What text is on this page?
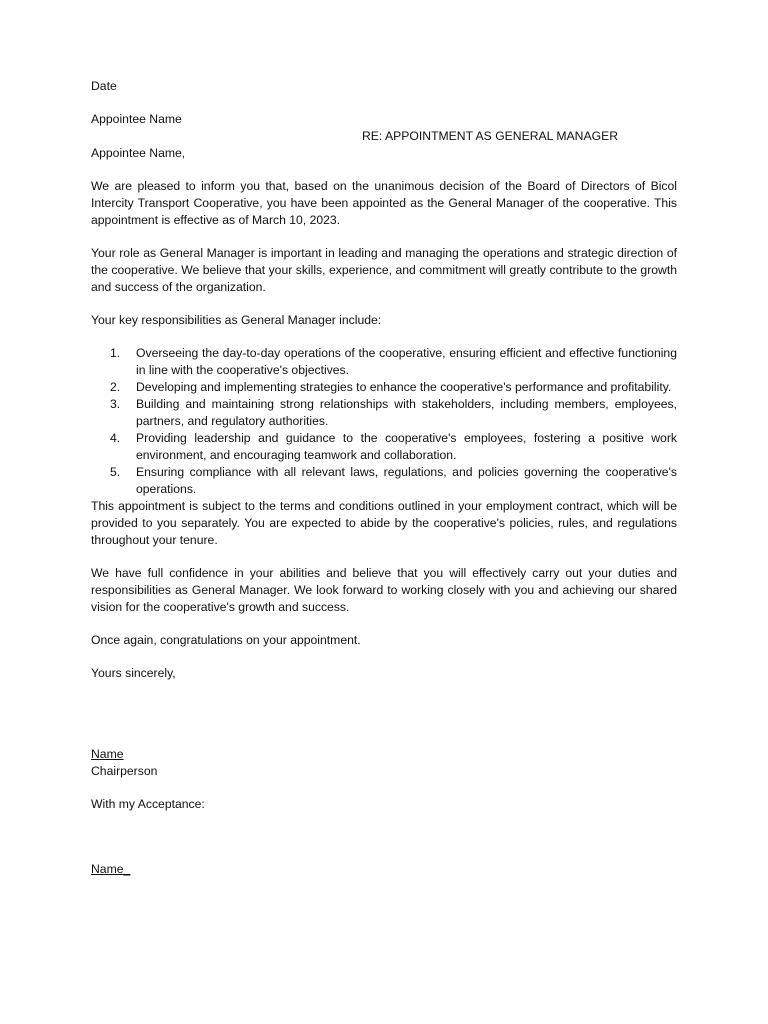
Date

Appointee Name

RE: APPOINTMENT AS GENERAL MANAGER

Appointee Name,

We are pleased to inform you that, based on the unanimous decision of the Board of Directors of Bicol Intercity Transport Cooperative, you have been appointed as the General Manager of the cooperative. This appointment is effective as of March 10, 2023.

Your role as General Manager is important in leading and managing the operations and strategic direction of the cooperative. We believe that your skills, experience, and commitment will greatly contribute to the growth and success of the organization.

Your key responsibilities as General Manager include:

1. Overseeing the day-to-day operations of the cooperative, ensuring efficient and effective functioning in line with the cooperative's objectives.
2. Developing and implementing strategies to enhance the cooperative's performance and profitability.
3. Building and maintaining strong relationships with stakeholders, including members, employees, partners, and regulatory authorities.
4. Providing leadership and guidance to the cooperative's employees, fostering a positive work environment, and encouraging teamwork and collaboration.
5. Ensuring compliance with all relevant laws, regulations, and policies governing the cooperative's operations.

This appointment is subject to the terms and conditions outlined in your employment contract, which will be provided to you separately. You are expected to abide by the cooperative's policies, rules, and regulations throughout your tenure.

We have full confidence in your abilities and believe that you will effectively carry out your duties and responsibilities as General Manager. We look forward to working closely with you and achieving our shared vision for the cooperative's growth and success.

Once again, congratulations on your appointment.

Yours sincerely,

Name

Chairperson

With my Acceptance:

Name_
